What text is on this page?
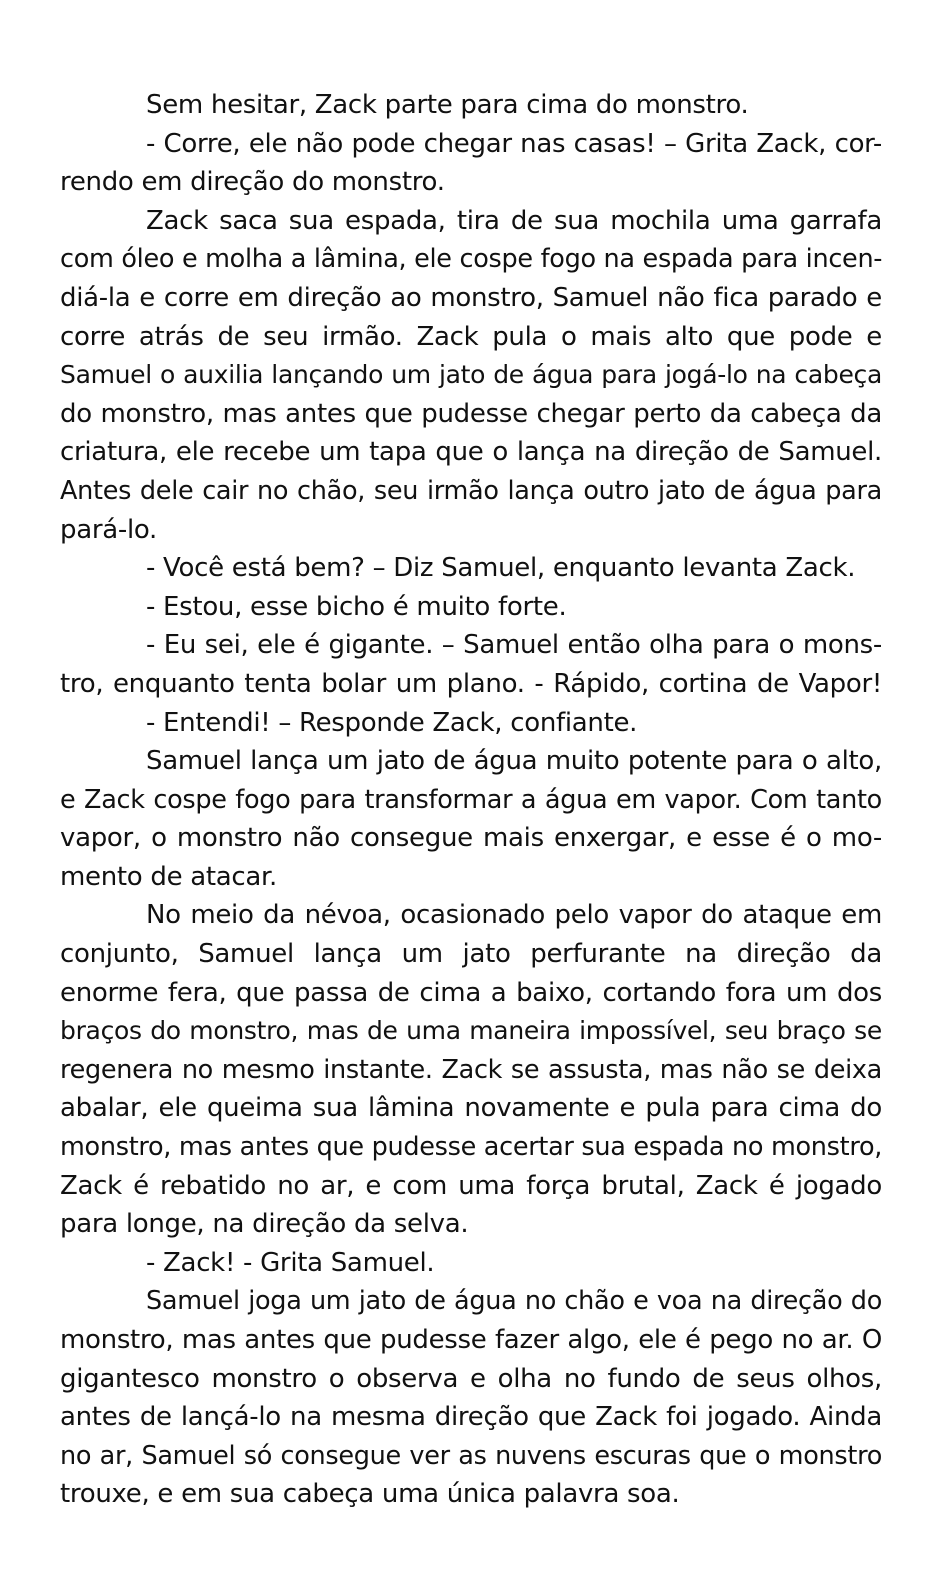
Sem hesitar, Zack parte para cima do monstro.
- Corre, ele não pode chegar nas casas! – Grita Zack, cor-
rendo em direção do monstro.
Zack saca sua espada, tira de sua mochila uma garrafa
com óleo e molha a lâmina, ele cospe fogo na espada para incen-
diá-la e corre em direção ao monstro, Samuel não fica parado e
corre atrás de seu irmão. Zack pula o mais alto que pode e
Samuel o auxilia lançando um jato de água para jogá-lo na cabeça
do monstro, mas antes que pudesse chegar perto da cabeça da
criatura, ele recebe um tapa que o lança na direção de Samuel.
Antes dele cair no chão, seu irmão lança outro jato de água para
pará-lo.
- Você está bem? – Diz Samuel, enquanto levanta Zack.
- Estou, esse bicho é muito forte.
- Eu sei, ele é gigante. – Samuel então olha para o mons-
tro, enquanto tenta bolar um plano. - Rápido, cortina de Vapor!
- Entendi! – Responde Zack, confiante.
Samuel lança um jato de água muito potente para o alto,
e Zack cospe fogo para transformar a água em vapor. Com tanto
vapor, o monstro não consegue mais enxergar, e esse é o mo-
mento de atacar.
No meio da névoa, ocasionado pelo vapor do ataque em
conjunto, Samuel lança um jato perfurante na direção da
enorme fera, que passa de cima a baixo, cortando fora um dos
braços do monstro, mas de uma maneira impossível, seu braço se
regenera no mesmo instante. Zack se assusta, mas não se deixa
abalar, ele queima sua lâmina novamente e pula para cima do
monstro, mas antes que pudesse acertar sua espada no monstro,
Zack é rebatido no ar, e com uma força brutal, Zack é jogado
para longe, na direção da selva.
- Zack! - Grita Samuel.
Samuel joga um jato de água no chão e voa na direção do
monstro, mas antes que pudesse fazer algo, ele é pego no ar. O
gigantesco monstro o observa e olha no fundo de seus olhos,
antes de lançá-lo na mesma direção que Zack foi jogado. Ainda
no ar, Samuel só consegue ver as nuvens escuras que o monstro
trouxe, e em sua cabeça uma única palavra soa.
